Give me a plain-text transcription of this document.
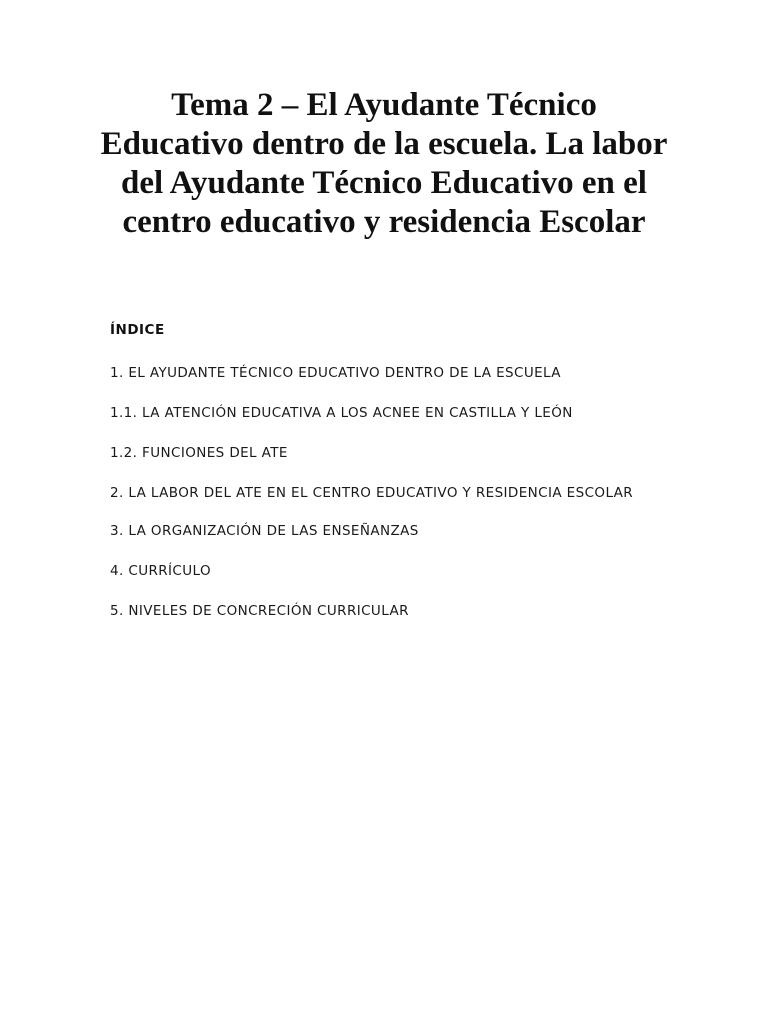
Tema 2 – El Ayudante Técnico Educativo dentro de la escuela. La labor del Ayudante Técnico Educativo en el centro educativo y residencia Escolar
ÍNDICE
1. EL AYUDANTE TÉCNICO EDUCATIVO DENTRO DE LA ESCUELA
1.1. LA ATENCIÓN EDUCATIVA A LOS ACNEE EN CASTILLA Y LEÓN
1.2. FUNCIONES DEL ATE
2. LA LABOR DEL ATE EN EL CENTRO EDUCATIVO Y RESIDENCIA ESCOLAR
3. LA ORGANIZACIÓN DE LAS ENSEÑANZAS
4. CURRÍCULO
5. NIVELES DE CONCRECIÓN CURRICULAR
